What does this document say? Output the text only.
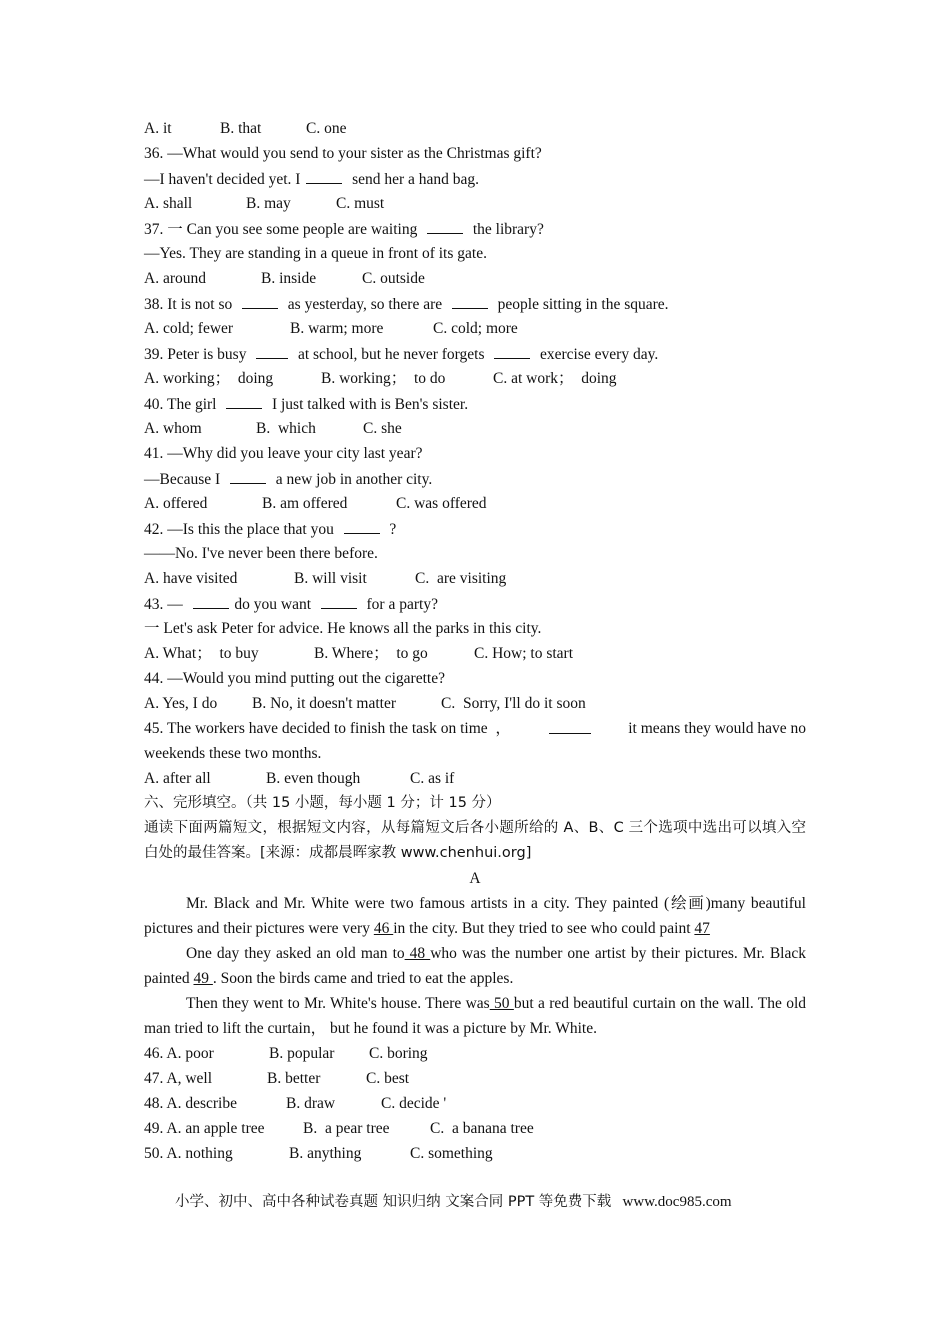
A. it	B. that	C. one
36. —What would you send to your sister as the Christmas gift?
—I haven't decided yet. I	send her a hand bag.
A. shall	B. may	C. must
37. 一 Can you see some people are waiting	the library?
—Yes. They are standing in a queue in front of its gate.
A. around	B. inside	C. outside
38. It is not so	as yesterday, so there are	people sitting in the square.
A. cold; fewer	B. warm; more	C. cold; more
39. Peter is busy	at school, but he never forgets	exercise every day.
A. working；  doing	B. working；  to do	C. at work；  doing
40. The girl	I just talked with is Ben's sister.
A. whom	B.  which	C. she
41. —Why did you leave your city last year?
—Because I	a new job in another city.
A. offered	B. am offered	C. was offered
42. —Is this the place that you	?
——No. I've never been there before.
A. have visited	B. will visit	C.  are visiting
43. —	do you want	for a party?
一 Let's ask Peter for advice. He knows all the parks in this city.
A. What；  to buy	B. Where；  to go	C. How; to start
44. —Would you mind putting out the cigarette?
A. Yes, I do	B. No, it doesn't matter	C.  Sorry, I'll do it soon
45. The workers have decided to finish the task on time  ，	it means they would have no
weekends these two months.
A. after all	B. even though	C. as if
六、完形填空。（共 15 小题，每小题 1 分；计 15 分）
通读下面两篇短文，根据短文内容，从每篇短文后各小题所给的 A、B、C 三个选项中选出可以填入空白处的最佳答案。[来源：成都晨晖家教 www.chenhui.org]
A
Mr. Black and Mr. White were two famous artists in a city. They painted (绘画)many beautiful pictures and their pictures were very 46 in the city. But they tried to see who could paint 47
One day they asked an old man to 48 who was the number one artist by their pictures. Mr. Black painted 49 . Soon the birds came and tried to eat the apples.
Then they went to Mr. White's house. There was 50 but a red beautiful curtain on the wall. The old man tried to lift the curtain， but he found it was a picture by Mr. White.
46. A. poor	B. popular	C. boring
47. A, well	B. better	C. best
48. A. describe	B. draw	C. decide '
49. A. an apple tree	B.  a pear tree	C.  a banana tree
50. A. nothing	B. anything	C. something
小学、初中、高中各种试卷真题 知识归纳 文案合同 PPT 等免费下载 www.doc985.com
